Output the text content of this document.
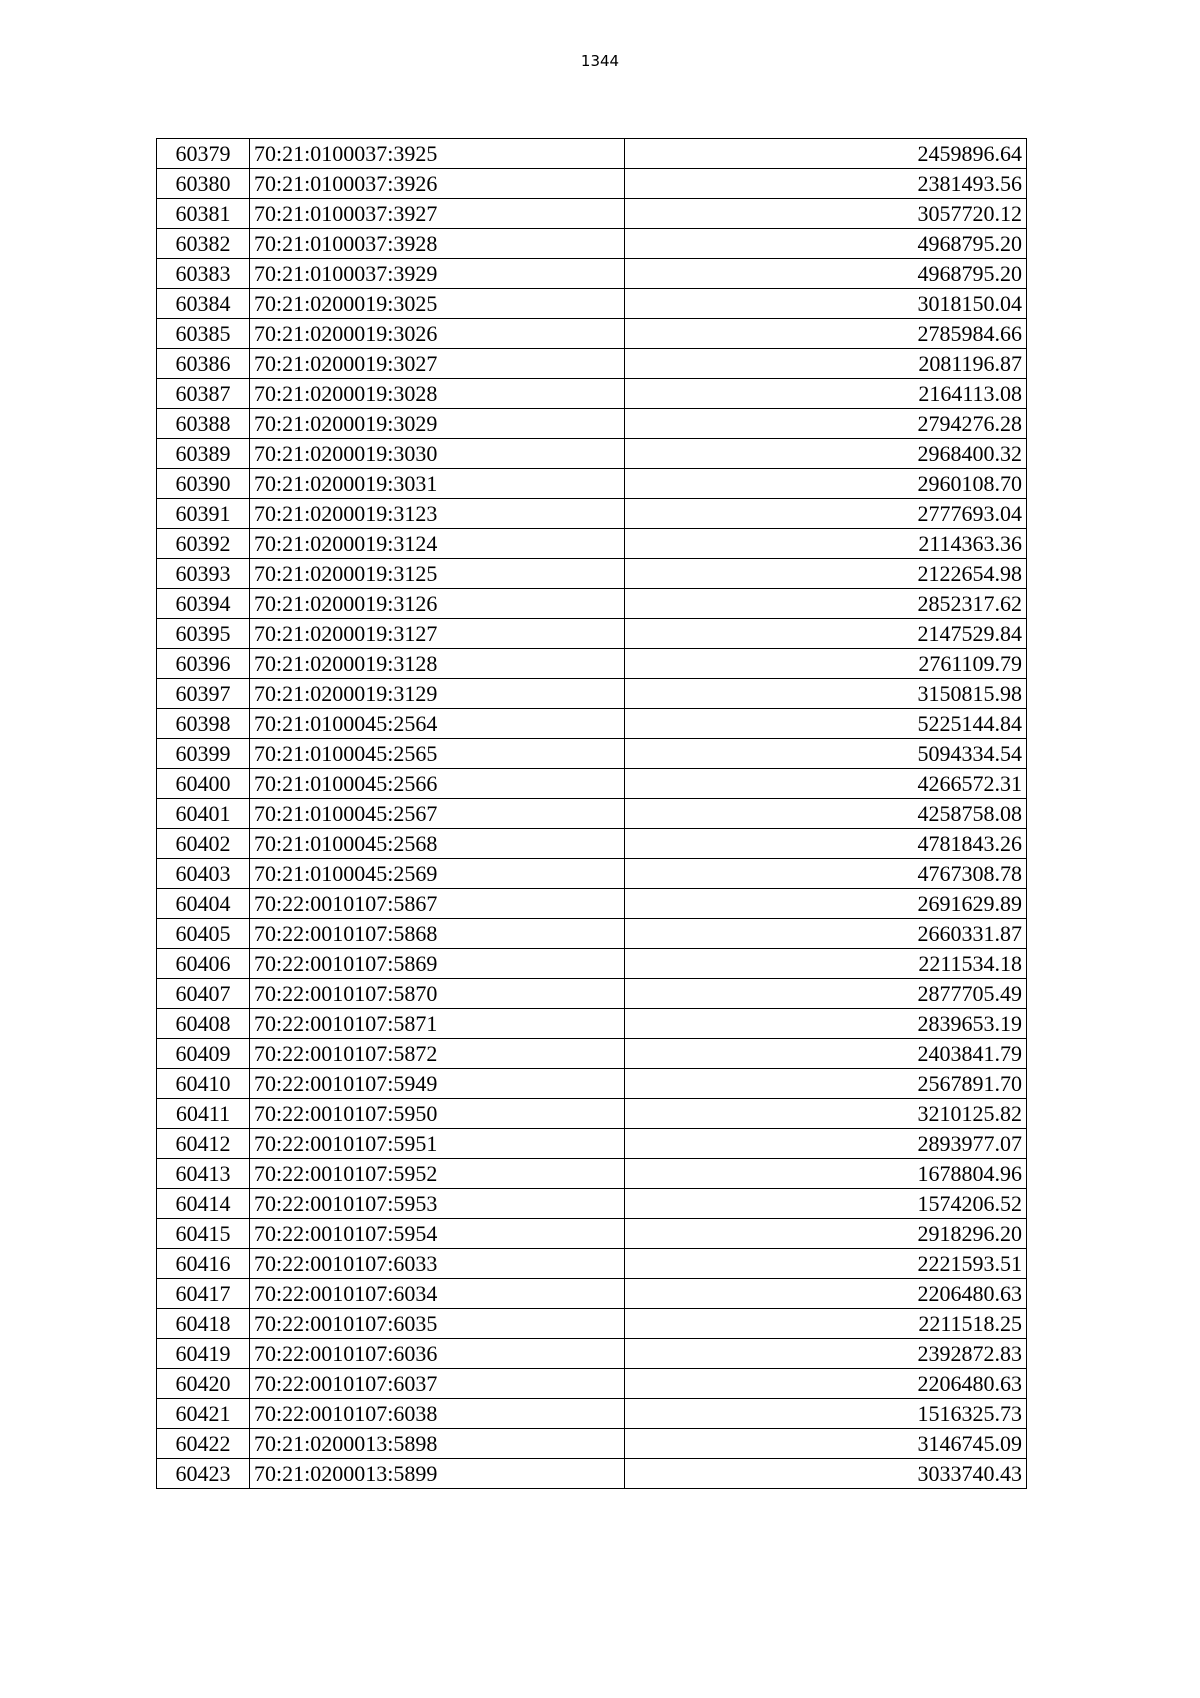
1344
60379	70:21:0100037:3925	2459896.64
60380	70:21:0100037:3926	2381493.56
60381	70:21:0100037:3927	3057720.12
60382	70:21:0100037:3928	4968795.20
60383	70:21:0100037:3929	4968795.20
60384	70:21:0200019:3025	3018150.04
60385	70:21:0200019:3026	2785984.66
60386	70:21:0200019:3027	2081196.87
60387	70:21:0200019:3028	2164113.08
60388	70:21:0200019:3029	2794276.28
60389	70:21:0200019:3030	2968400.32
60390	70:21:0200019:3031	2960108.70
60391	70:21:0200019:3123	2777693.04
60392	70:21:0200019:3124	2114363.36
60393	70:21:0200019:3125	2122654.98
60394	70:21:0200019:3126	2852317.62
60395	70:21:0200019:3127	2147529.84
60396	70:21:0200019:3128	2761109.79
60397	70:21:0200019:3129	3150815.98
60398	70:21:0100045:2564	5225144.84
60399	70:21:0100045:2565	5094334.54
60400	70:21:0100045:2566	4266572.31
60401	70:21:0100045:2567	4258758.08
60402	70:21:0100045:2568	4781843.26
60403	70:21:0100045:2569	4767308.78
60404	70:22:0010107:5867	2691629.89
60405	70:22:0010107:5868	2660331.87
60406	70:22:0010107:5869	2211534.18
60407	70:22:0010107:5870	2877705.49
60408	70:22:0010107:5871	2839653.19
60409	70:22:0010107:5872	2403841.79
60410	70:22:0010107:5949	2567891.70
60411	70:22:0010107:5950	3210125.82
60412	70:22:0010107:5951	2893977.07
60413	70:22:0010107:5952	1678804.96
60414	70:22:0010107:5953	1574206.52
60415	70:22:0010107:5954	2918296.20
60416	70:22:0010107:6033	2221593.51
60417	70:22:0010107:6034	2206480.63
60418	70:22:0010107:6035	2211518.25
60419	70:22:0010107:6036	2392872.83
60420	70:22:0010107:6037	2206480.63
60421	70:22:0010107:6038	1516325.73
60422	70:21:0200013:5898	3146745.09
60423	70:21:0200013:5899	3033740.43
